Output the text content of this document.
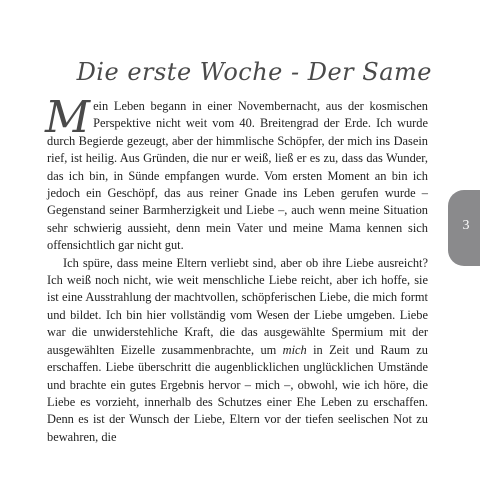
Die erste Woche - Der Same

Mein Leben begann in einer Novembernacht, aus der kosmischen Perspektive nicht weit vom 40. Breitengrad der Erde. Ich wurde durch Begierde gezeugt, aber der himmlische Schöpfer, der mich ins Dasein rief, ist heilig. Aus Gründen, die nur er weiß, ließ er es zu, dass das Wunder, das ich bin, in Sünde empfangen wurde. Vom ersten Moment an bin ich jedoch ein Geschöpf, das aus reiner Gnade ins Leben gerufen wurde – Gegenstand seiner Barmherzigkeit und Liebe –, auch wenn meine Situation sehr schwierig aussieht, denn mein Vater und meine Mama kennen sich offensichtlich gar nicht gut.

Ich spüre, dass meine Eltern verliebt sind, aber ob ihre Liebe ausreicht? Ich weiß noch nicht, wie weit menschliche Liebe reicht, aber ich hoffe, sie ist eine Ausstrahlung der machtvollen, schöpferischen Liebe, die mich formt und bildet. Ich bin hier vollständig vom Wesen der Liebe umgeben. Liebe war die unwiderstehliche Kraft, die das ausgewählte Spermium mit der ausgewählten Eizelle zusammenbrachte, um mich in Zeit und Raum zu erschaffen. Liebe überschritt die augenblicklichen unglücklichen Umstände und brachte ein gutes Ergebnis hervor – mich –, obwohl, wie ich höre, die Liebe es vorzieht, innerhalb des Schutzes einer Ehe Leben zu erschaffen. Denn es ist der Wunsch der Liebe, Eltern vor der tiefen seelischen Not zu bewahren, die

3
